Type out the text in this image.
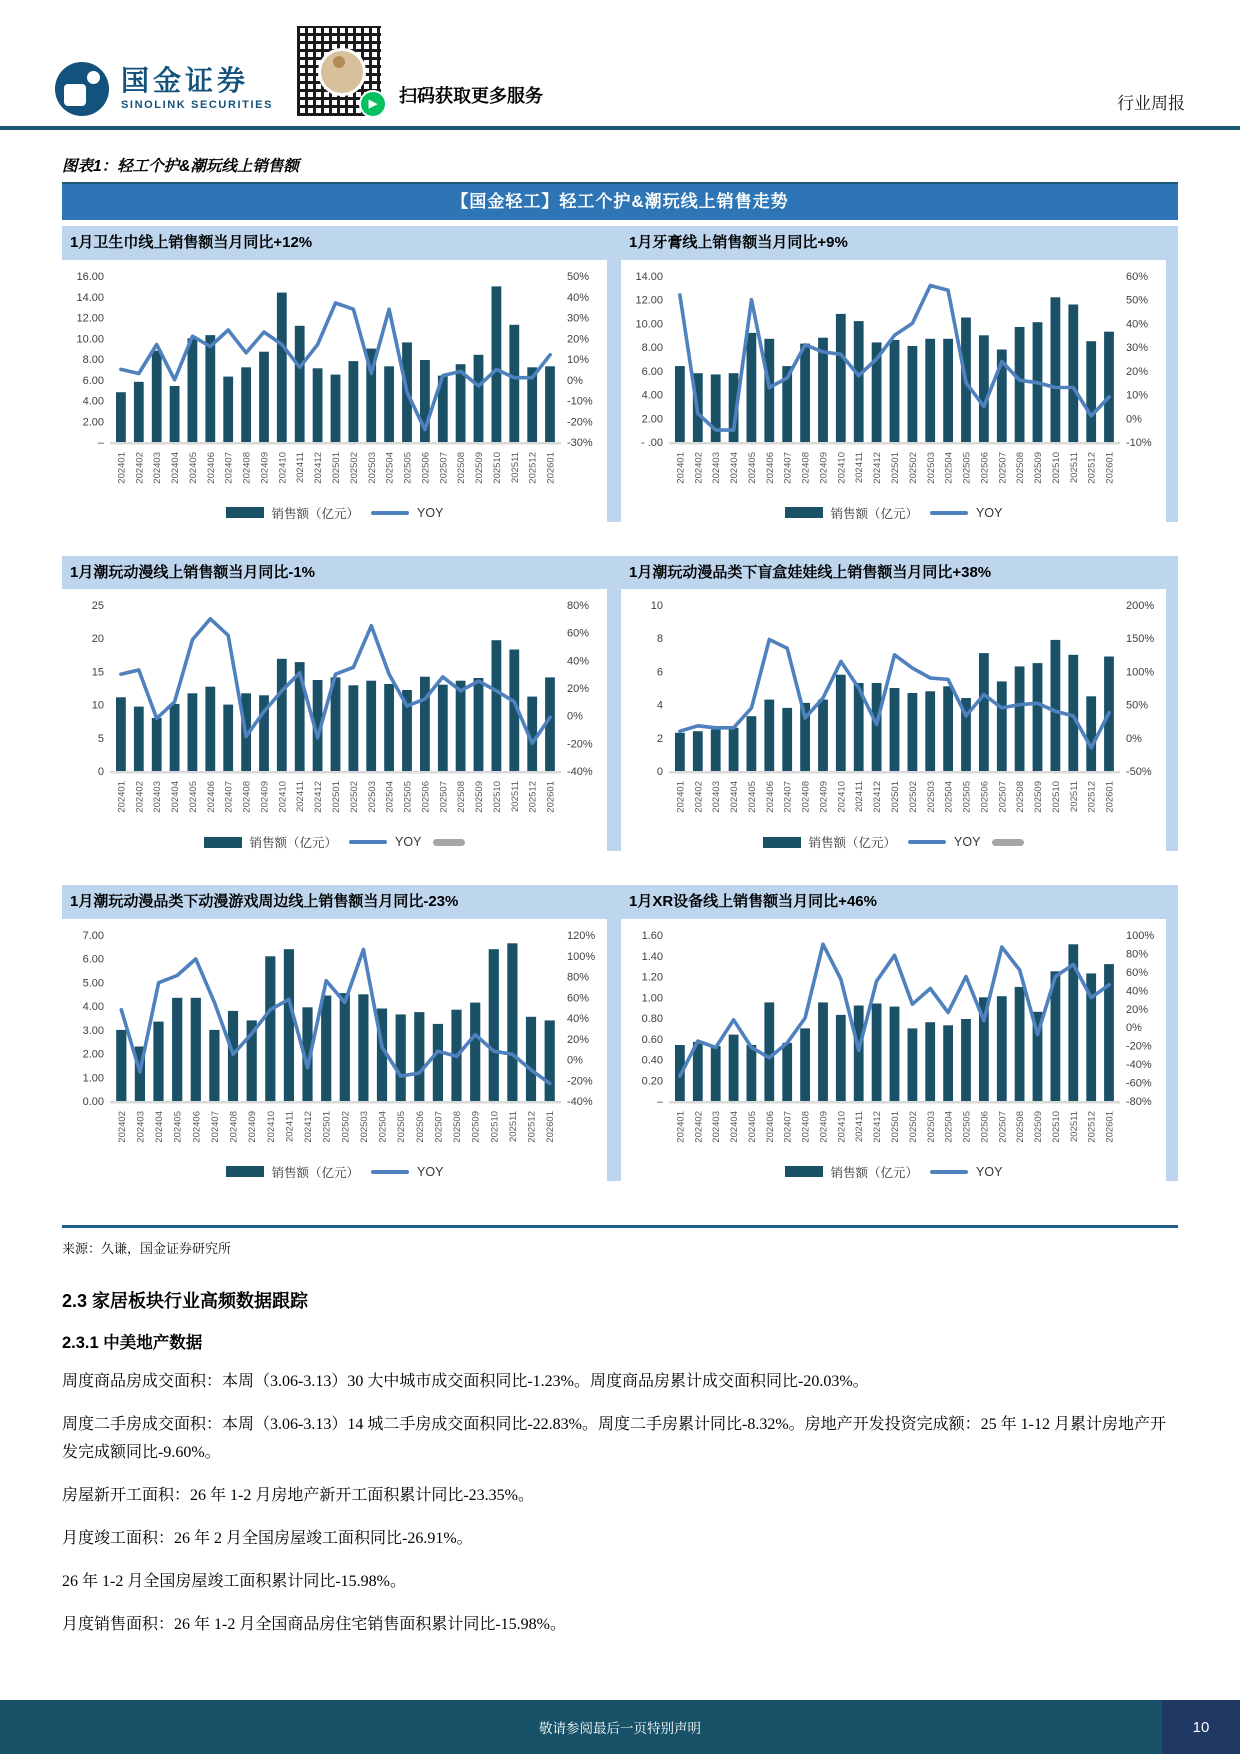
国金证券
SINOLINK SECURITIES	▶	扫码获取更多服务	行业周报
图表1：轻工个护&潮玩线上销售额
【国金轻工】轻工个护&潮玩线上销售走势
1月卫生巾线上销售额当月同比+12%
16.00
14.00
12.00
10.00
8.00
6.00
4.00
2.00
–
50%
40%
30%
20%
10%
0%
-10%
-20%
-30%
202401 202402 202403 202404 202405 202406 202407 202408 202409 202410 202411 202412 202501 202502 202503 202504 202505 202506 202507 202508 202509 202510 202511 202512 202601
销售额（亿元）	YOY
1月牙膏线上销售额当月同比+9%
14.00
12.00
10.00
8.00
6.00
4.00
2.00
- .00
60%
50%
40%
30%
20%
10%
0%
-10%
202401 202402 202403 202404 202405 202406 202407 202408 202409 202410 202411 202412 202501 202502 202503 202504 202505 202506 202507 202508 202509 202510 202511 202512 202601
销售额（亿元）	YOY
1月潮玩动漫线上销售额当月同比-1%
25
20
15
10
5
0
80%
60%
40%
20%
0%
-20%
-40%
202401 202402 202403 202404 202405 202406 202407 202408 202409 202410 202411 202412 202501 202502 202503 202504 202505 202506 202507 202508 202509 202510 202511 202512 202601
销售额（亿元）	YOY
1月潮玩动漫品类下盲盒娃娃线上销售额当月同比+38%
10
8
6
4
2
0
200%
150%
100%
50%
0%
-50%
202401 202402 202403 202404 202405 202406 202407 202408 202409 202410 202411 202412 202501 202502 202503 202504 202505 202506 202507 202508 202509 202510 202511 202512 202601
销售额（亿元）	YOY
1月潮玩动漫品类下动漫游戏周边线上销售额当月同比-23%
7.00
6.00
5.00
4.00
3.00
2.00
1.00
0.00
120%
100%
80%
60%
40%
20%
0%
-20%
-40%
202402 202403 202404 202405 202406 202407 202408 202409 202410 202411 202412 202501 202502 202503 202504 202505 202506 202507 202508 202509 202510 202511 202512 202601
销售额（亿元）	YOY
1月XR设备线上销售额当月同比+46%
1.60
1.40
1.20
1.00
0.80
0.60
0.40
0.20
–
100%
80%
60%
40%
20%
0%
-20%
-40%
-60%
-80%
202401 202402 202403 202404 202405 202406 202407 202408 202409 202410 202411 202412 202501 202502 202503 202504 202505 202506 202507 202508 202509 202510 202511 202512 202601
销售额（亿元）	YOY
来源：久谦，国金证券研究所
2.3 家居板块行业高频数据跟踪
2.3.1 中美地产数据

周度商品房成交面积：本周（3.06-3.13）30 大中城市成交面积同比-1.23%。周度商品房累计成交面积同比-20.03%。

周度二手房成交面积：本周（3.06-3.13）14 城二手房成交面积同比-22.83%。周度二手房累计同比-8.32%。房地产开发投资完成额：25 年 1-12 月累计房地产开发完成额同比-9.60%。

房屋新开工面积：26 年 1-2 月房地产新开工面积累计同比-23.35%。

月度竣工面积：26 年 2 月全国房屋竣工面积同比-26.91%。

26 年 1-2 月全国房屋竣工面积累计同比-15.98%。

月度销售面积：26 年 1-2 月全国商品房住宅销售面积累计同比-15.98%。

敬请参阅最后一页特别声明	10
